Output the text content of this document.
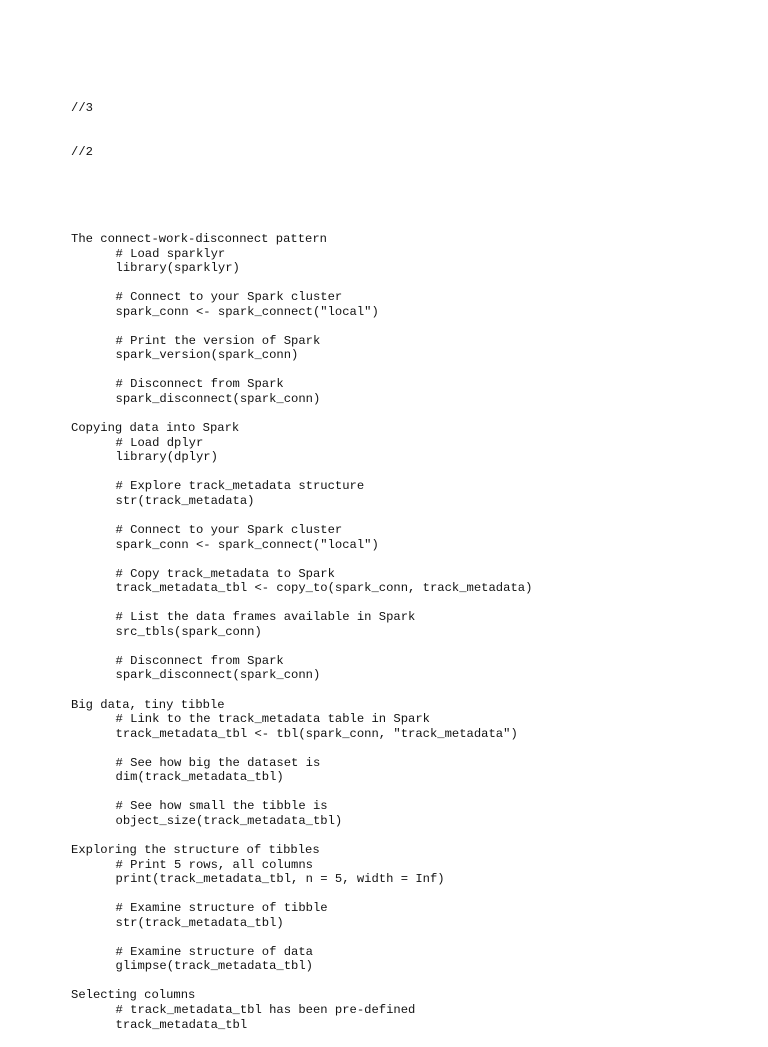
//3

//2

The connect-work-disconnect pattern
# Load sparklyr
library(sparklyr)
# Connect to your Spark cluster
spark_conn <- spark_connect("local")
# Print the version of Spark
spark_version(spark_conn)
# Disconnect from Spark
spark_disconnect(spark_conn)
Copying data into Spark
# Load dplyr
library(dplyr)
# Explore track_metadata structure
str(track_metadata)
# Connect to your Spark cluster
spark_conn <- spark_connect("local")
# Copy track_metadata to Spark
track_metadata_tbl <- copy_to(spark_conn, track_metadata)
# List the data frames available in Spark
src_tbls(spark_conn)
# Disconnect from Spark
spark_disconnect(spark_conn)
Big data, tiny tibble
# Link to the track_metadata table in Spark
track_metadata_tbl <- tbl(spark_conn, "track_metadata")
# See how big the dataset is
dim(track_metadata_tbl)
# See how small the tibble is
object_size(track_metadata_tbl)
Exploring the structure of tibbles
# Print 5 rows, all columns
print(track_metadata_tbl, n = 5, width = Inf)
# Examine structure of tibble
str(track_metadata_tbl)
# Examine structure of data
glimpse(track_metadata_tbl)
Selecting columns
# track_metadata_tbl has been pre-defined
track_metadata_tbl
